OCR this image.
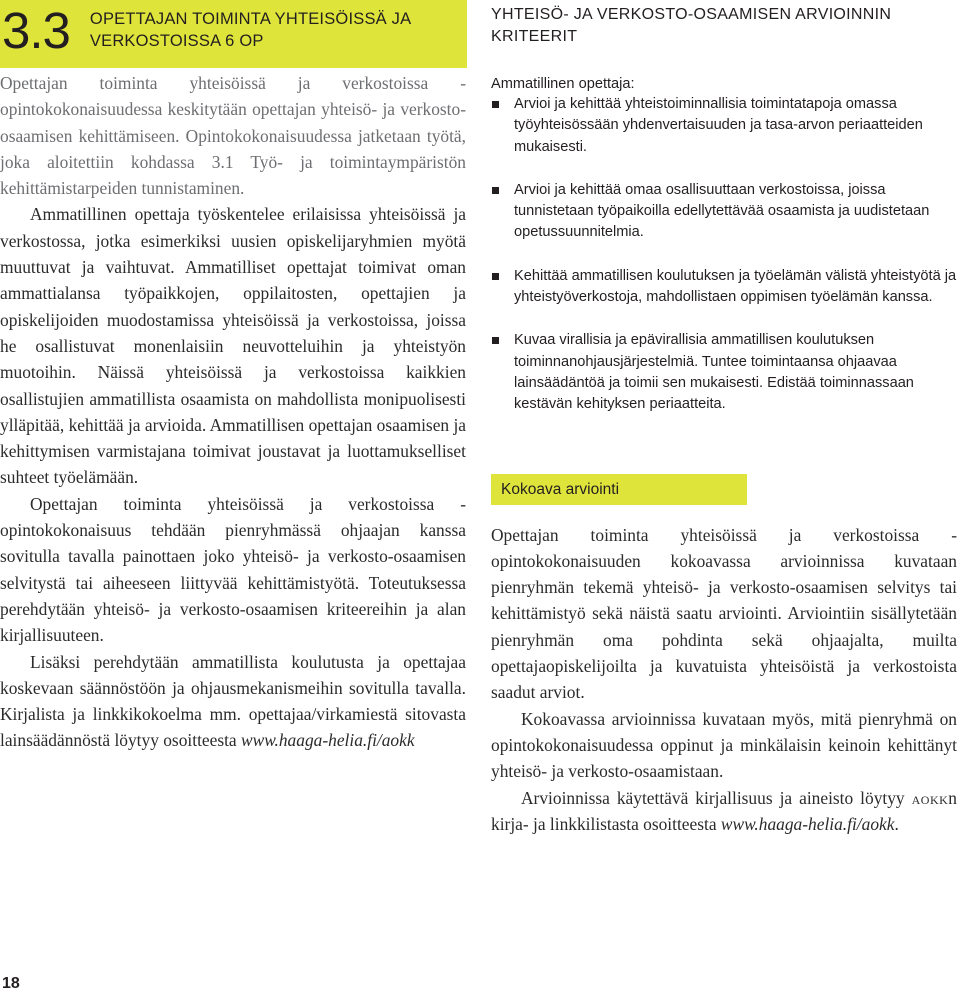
3.3 OPETTAJAN TOIMINTA YHTEISÖISSÄ JA VERKOSTOISSA 6 OP

Opettajan toiminta yhteisöissä ja verkostoissa -opintokokonaisuudessa keskitytään opettajan yhteisö- ja verkosto-osaamisen kehittämiseen. Opintokokonaisuudessa jatketaan työtä, joka aloitettiin kohdassa 3.1 Työ- ja toimintaympäristön kehittämistarpeiden tunnistaminen.

Ammatillinen opettaja työskentelee erilaisissa yhteisöissä ja verkostossa, jotka esimerkiksi uusien opiskelijaryhmien myötä muuttuvat ja vaihtuvat. Ammatilliset opettajat toimivat oman ammattialansa työpaikkojen, oppilaitosten, opettajien ja opiskelijoiden muodostamissa yhteisöissä ja verkostoissa, joissa he osallistuvat monenlaisiin neuvotteluihin ja yhteistyön muotoihin. Näissä yhteisöissä ja verkostoissa kaikkien osallistujien ammatillista osaamista on mahdollista monipuolisesti ylläpitää, kehittää ja arvioida. Ammatillisen opettajan osaamisen ja kehittymisen varmistajana toimivat joustavat ja luottamukselliset suhteet työelämään.

Opettajan toiminta yhteisöissä ja verkostoissa -opintokokonaisuus tehdään pienryhmässä ohjaajan kanssa sovitulla tavalla painottaen joko yhteisö- ja verkosto-osaamisen selvitystä tai aiheeseen liittyvää kehittämistyötä. Toteutuksessa perehdytään yhteisö- ja verkosto-osaamisen kriteereihin ja alan kirjallisuuteen.

Lisäksi perehdytään ammatillista koulutusta ja opettajaa koskevaan säännöstöön ja ohjausmekanismeihin sovitulla tavalla. Kirjalista ja linkkikokoelma mm. opettajaa/virkamiestä sitovasta lainsäädännöstä löytyy osoitteesta www.haaga-helia.fi/aokk

YHTEISÖ- JA VERKOSTO-OSAAMISEN ARVIOINNIN KRITEERIT
Ammatillinen opettaja:
Arvioi ja kehittää yhteistoiminnallisia toimintatapoja omassa työyhteisössään yhdenvertaisuuden ja tasa-arvon periaatteiden mukaisesti.
Arvioi ja kehittää omaa osallisuuttaan verkostoissa, joissa tunnistetaan työpaikoilla edellytettävää osaamista ja uudistetaan opetussuunnitelmia.
Kehittää ammatillisen koulutuksen ja työelämän välistä yhteistyötä ja yhteistyöverkostoja, mahdollistaen oppimisen työelämän kanssa.
Kuvaa virallisia ja epävirallisia ammatillisen koulutuksen toiminnanohjausjärjestelmiä. Tuntee toimintaansa ohjaavaa lainsäädäntöä ja toimii sen mukaisesti. Edistää toiminnassaan kestävän kehityksen periaatteita.
Kokoava arviointi

Opettajan toiminta yhteisöissä ja verkostoissa -opintokokonaisuuden kokoavassa arvioinnissa kuvataan pienryhmän tekemä yhteisö- ja verkosto-osaamisen selvitys tai kehittämistyö sekä näistä saatu arviointi. Arviointiin sisällytetään pienryhmän oma pohdinta sekä ohjaajalta, muilta opettajaopiskelijoilta ja kuvatuista yhteisöistä ja verkostoista saadut arviot.

Kokoavassa arvioinnissa kuvataan myös, mitä pienryhmä on opintokokonaisuudessa oppinut ja minkälaisin keinoin kehittänyt yhteisö- ja verkosto-osaamistaan.

Arvioinnissa käytettävä kirjallisuus ja aineisto löytyy aokkn kirja- ja linkkilistasta osoitteesta www.haaga-helia.fi/aokk.

18
